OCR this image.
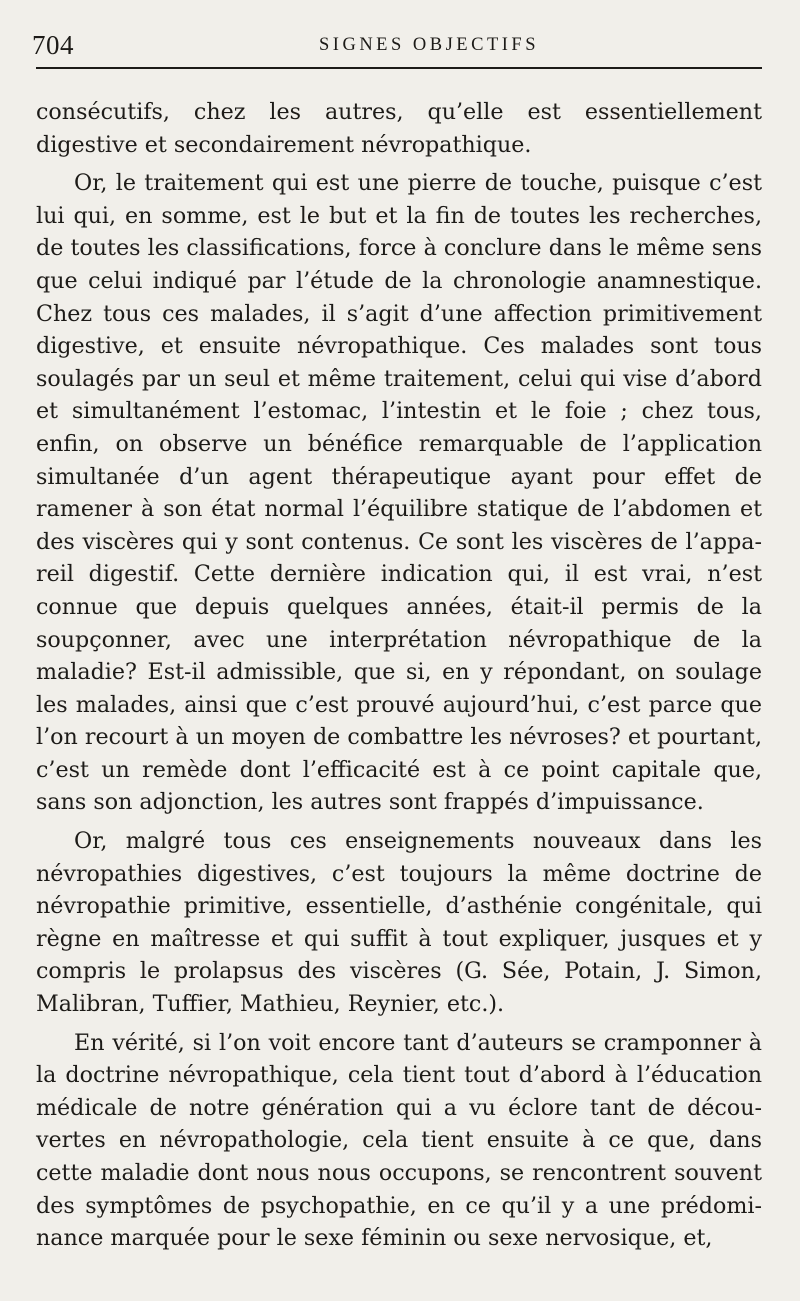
704	SIGNES OBJECTIFS

consécutifs, chez les autres, qu’elle est essentiellement digestive et secondairement névropathique.

Or, le traitement qui est une pierre de touche, puisque c’est lui qui, en somme, est le but et la fin de toutes les recherches, de toutes les classifications, force à conclure dans le même sens que celui indiqué par l’étude de la chronologie anamnestique. Chez tous ces malades, il s’agit d’une affection primitivement digestive, et ensuite névropathique. Ces malades sont tous soulagés par un seul et même traitement, celui qui vise d’abord et simultanément l’estomac, l’intestin et le foie ; chez tous, enfin, on observe un bénéfice remarquable de l’application simultanée d’un agent thérapeutique ayant pour effet de ramener à son état normal l’équilibre statique de l’abdomen et des viscères qui y sont contenus. Ce sont les viscères de l’appareil digestif. Cette dernière indication qui, il est vrai, n’est connue que depuis quelques années, était-il permis de la soupçonner, avec une interprétation névropathique de la maladie? Est-il admissible, que si, en y répondant, on soulage les malades, ainsi que c’est prouvé aujourd’hui, c’est parce que l’on recourt à un moyen de combattre les névroses? et pourtant, c’est un remède dont l’efficacité est à ce point capitale que, sans son adjonction, les autres sont frappés d’impuissance.

Or, malgré tous ces enseignements nouveaux dans les névropathies digestives, c’est toujours la même doctrine de névropathie primitive, essentielle, d’asthénie congénitale, qui règne en maîtresse et qui suffit à tout expliquer, jusques et y compris le prolapsus des viscères (G. Sée, Potain, J. Simon, Malibran, Tuffier, Mathieu, Reynier, etc.).

En vérité, si l’on voit encore tant d’auteurs se cramponner à la doctrine névropathique, cela tient tout d’abord à l’éducation médicale de notre génération qui a vu éclore tant de découvertes en névropathologie, cela tient ensuite à ce que, dans cette maladie dont nous nous occupons, se rencontrent souvent des symptômes de psychopathie, en ce qu’il y a une prédominance marquée pour le sexe féminin ou sexe nervosique, et,
